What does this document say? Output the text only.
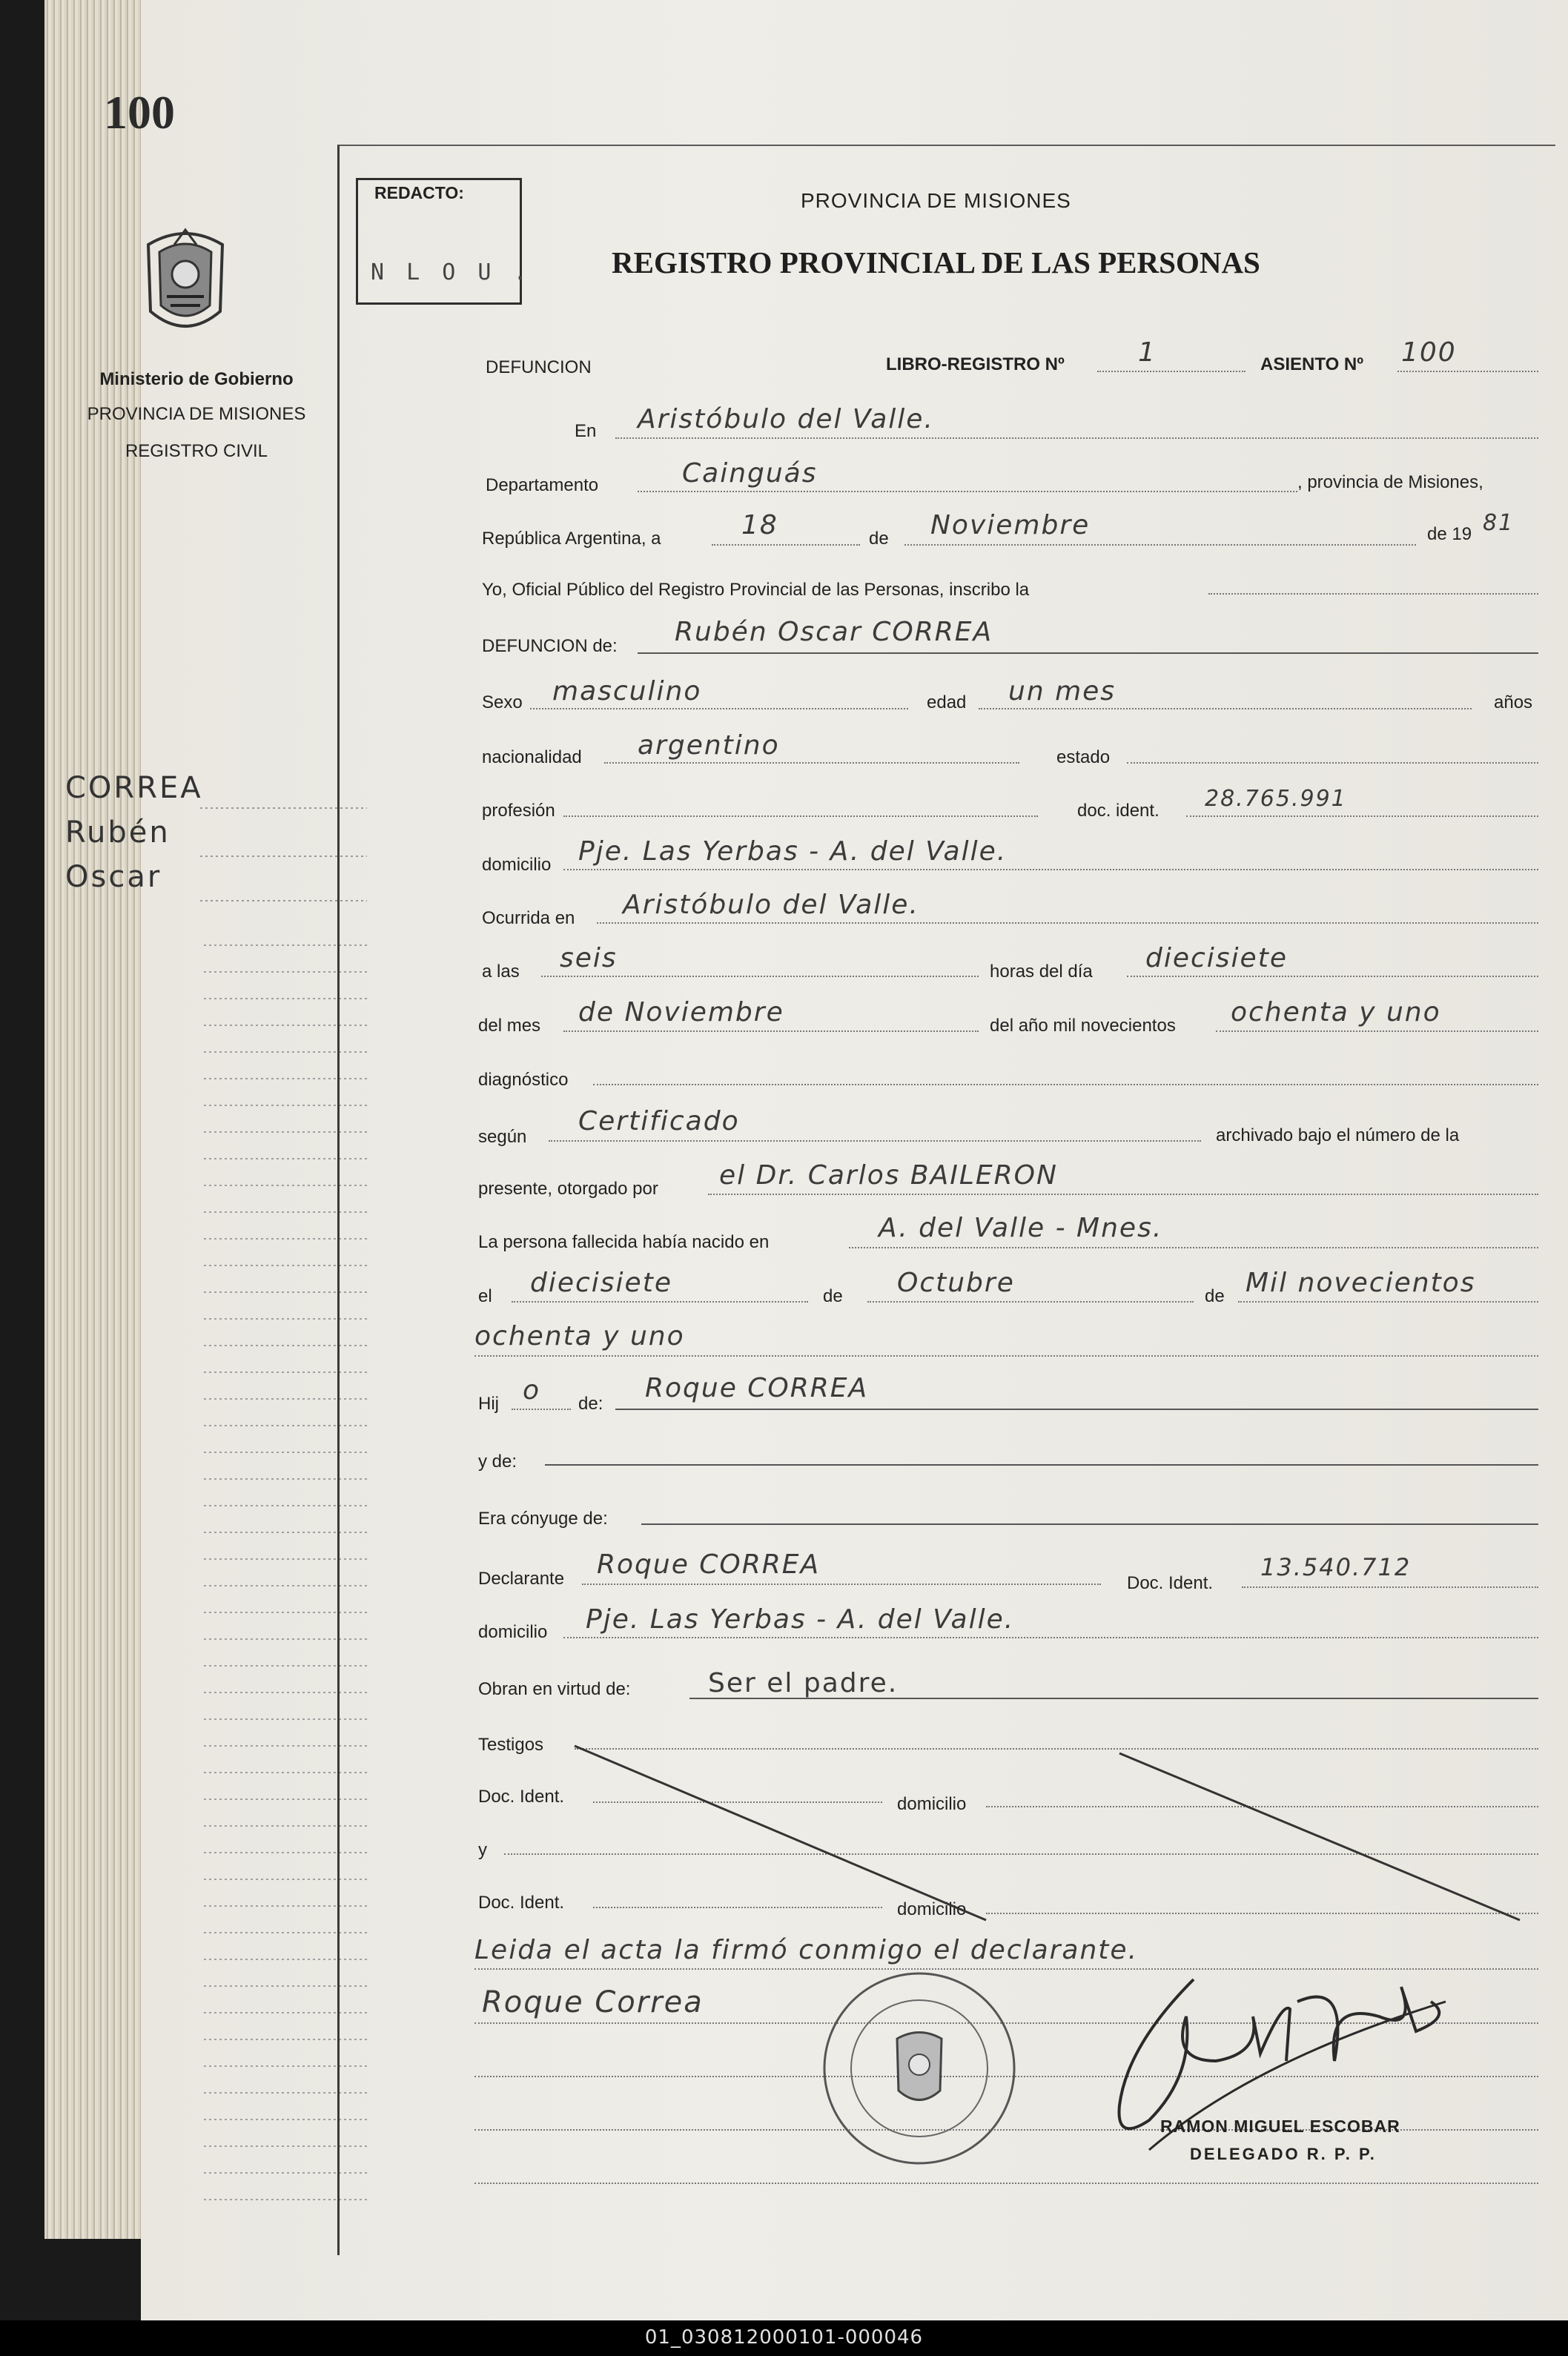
100
Ministerio de Gobierno
PROVINCIA DE MISIONES
REGISTRO CIVIL
CORREA
Rubén
Oscar
REDACTO:
N L O U .
PROVINCIA DE MISIONES
REGISTRO PROVINCIAL DE LAS PERSONAS
DEFUNCION	LIBRO-REGISTRO Nº	1	ASIENTO Nº 100
En Aristóbulo del Valle.
Departamento	Cainguás	, provincia de Misiones,
República Argentina, a	18	de Noviembre	de 19 81
Yo, Oficial Público del Registro Provincial de las Personas, inscribo la
DEFUNCION de: Rubén Oscar CORREA
Sexo masculino	edad un mes	años
nacionalidad argentino	estado
profesión	doc. ident. 28.765.991
domicilio Pje. Las Yerbas - A. del Valle.
Ocurrida en Aristóbulo del Valle.
a las seis	horas del día diecisiete
del mes de Noviembre	del año mil novecientos ochenta y uno
diagnóstico
según
Certificado	archivado bajo el número de la
presente, otorgado por el Dr. Carlos BAILERON
La persona fallecida había nacido en	A. del Valle - Mnes.
el diecisiete	de Octubre	de Mil novecientos
ochenta y uno
Hij o de:
Roque CORREA
y de:
Era cónyuge de:
Declarante Roque CORREA
Doc. Ident.
13.540.712
domicilio Pje. Las Yerbas - A. del Valle.
Obran en virtud de:	Ser el padre.
Testigos
Doc. Ident.	domicilio
y
Doc. Ident.	domicilio
Leida el acta la firmó conmigo el declarante.
Roque Correa
RAMON MIGUEL ESCOBAR
DELEGADO R. P. P.
01_030812000101-000046
